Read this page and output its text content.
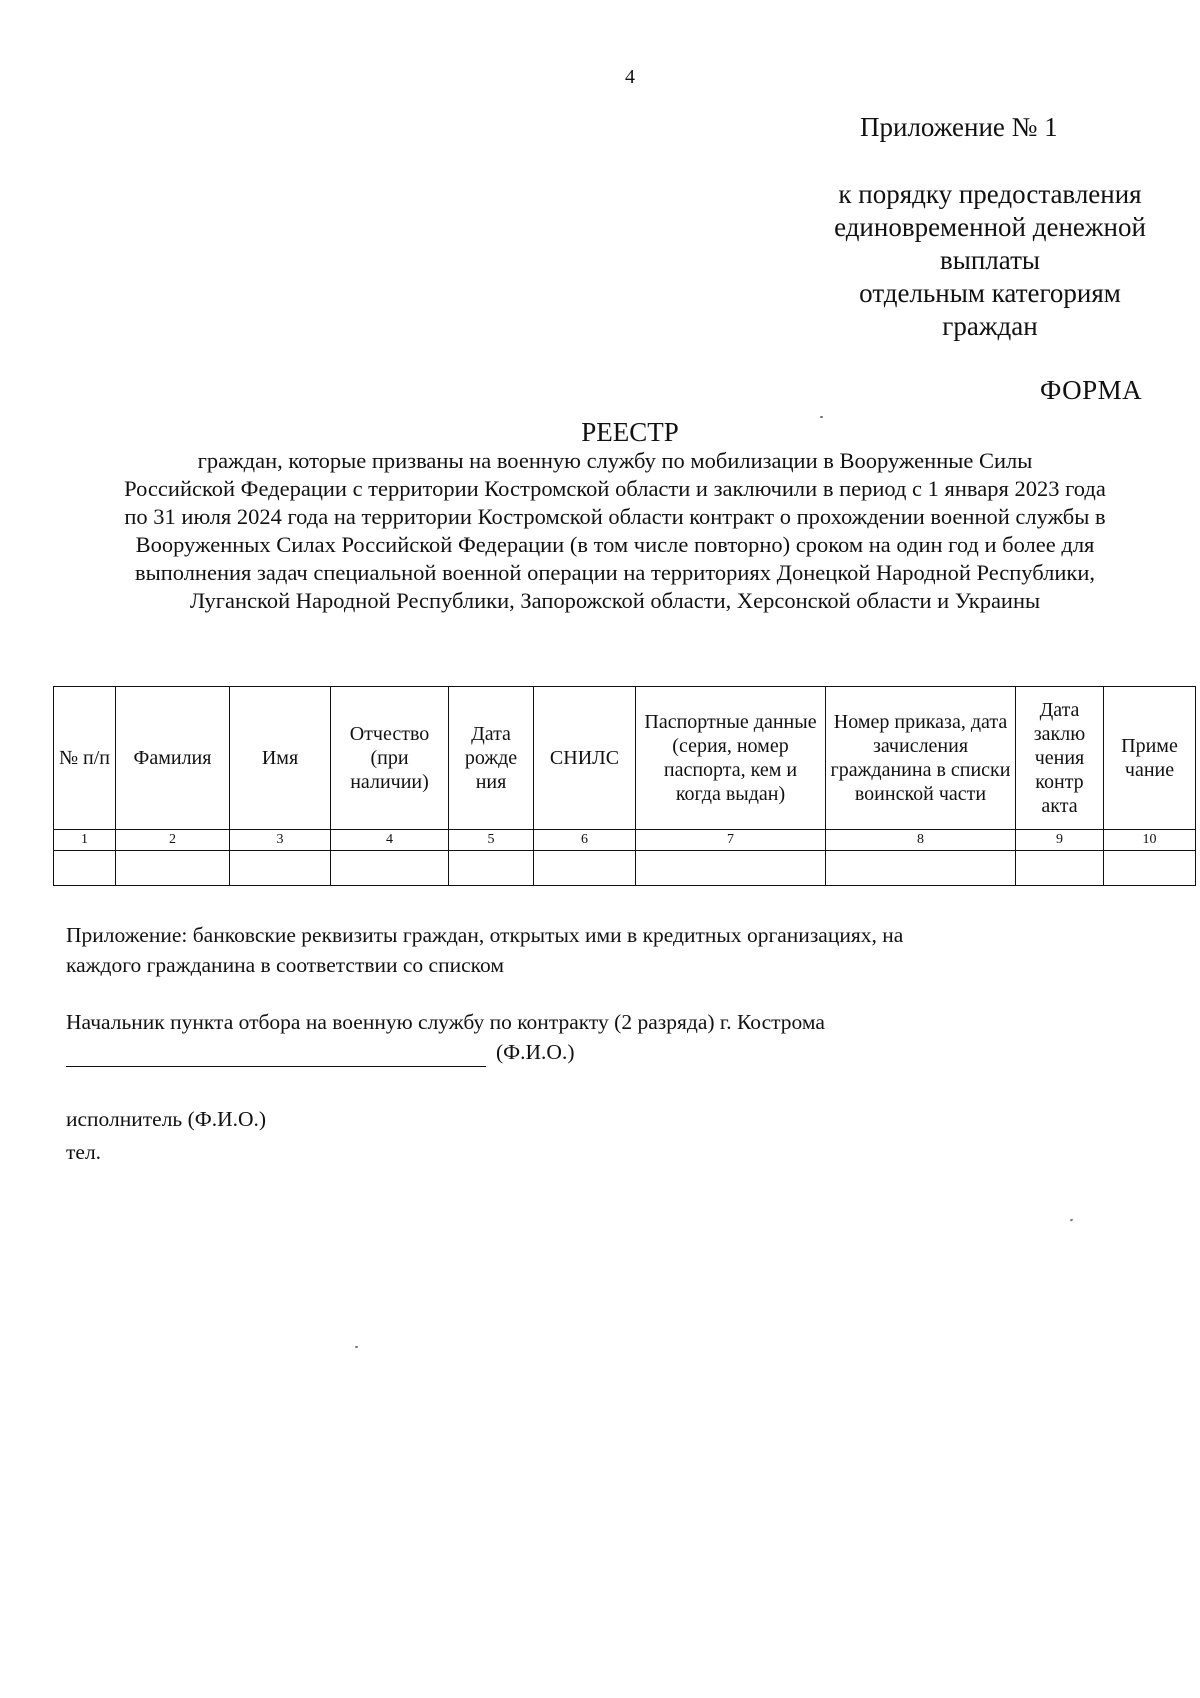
4
Приложение № 1
к порядку предоставления
единовременной денежной
выплаты
отдельным категориям
граждан
ФОРМА
РЕЕСТР
граждан, которые призваны на военную службу по мобилизации в Вооруженные Силы
Российской Федерации с территории Костромской области и заключили в период с 1 января 2023 года
по 31 июля 2024 года на территории Костромской области контракт о прохождении военной службы в
Вооруженных Силах Российской Федерации (в том числе повторно) сроком на один год и более для
выполнения задач специальной военной операции на территориях Донецкой Народной Республики,
Луганской Народной Республики, Запорожской области, Херсонской области и Украины
№ п/п	Фамилия	Имя	Отчество (при наличии)	Дата рожде ния	СНИЛС	Паспортные данные (серия, номер паспорта, кем и когда выдан)	Номер приказа, дата зачисления гражданина в списки воинской части	Дата заклю чения контр акта	Приме чание
1	2	3	4	5	6	7	8	9	10

Приложение: банковские реквизиты граждан, открытых ими в кредитных организациях, на
каждого гражданина в соответствии со списком
Начальник пункта отбора на военную службу по контракту (2 разряда) г. Кострома
(Ф.И.О.)
исполнитель (Ф.И.О.)
тел.
